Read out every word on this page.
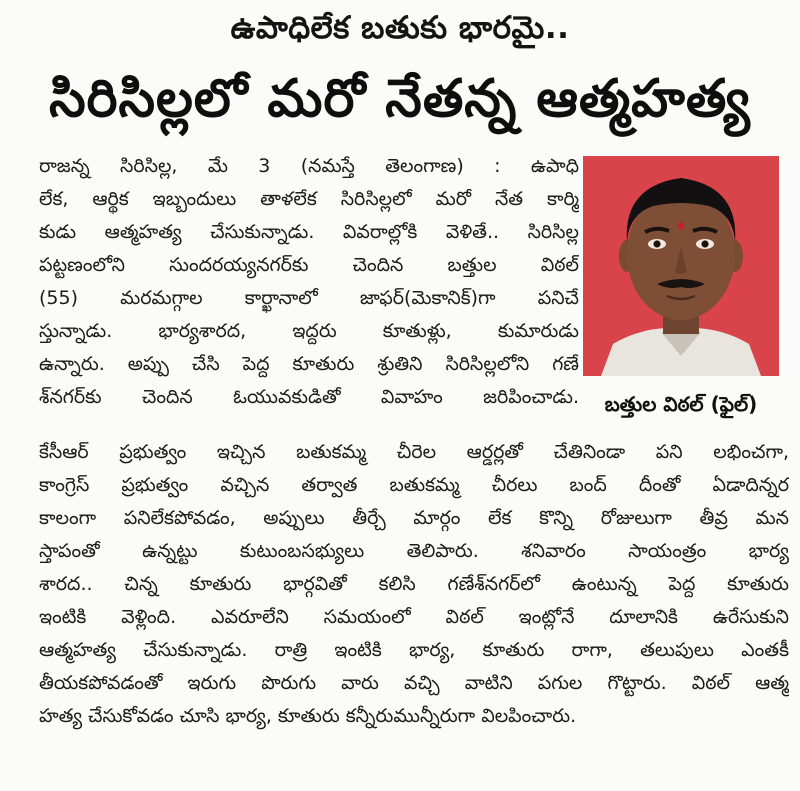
ఉపాధిలేక బతుకు భారమై..
సిరిసిల్లలో మరో నేతన్న ఆత్మహత్య
రాజన్న సిరిసిల్ల, మే 3 (నమస్తే తెలంగాణ) : ఉపాధి
లేక, ఆర్థిక ఇబ్బందులు తాళలేక సిరిసిల్లలో మరో నేత కార్మి
కుడు ఆత్మహత్య చేసుకున్నాడు. వివరాల్లోకి వెళితే.. సిరిసిల్ల
పట్టణంలోని సుందరయ్యనగర్‌కు చెందిన బత్తుల విఠల్
(55) మరమగ్గాల కార్ఖానాలో జాఫర్(మెకానిక్)గా పనిచే
స్తున్నాడు. భార్యశారద, ఇద్దరు కూతుళ్లు, కుమారుడు
ఉన్నారు. అప్పు చేసి పెద్ద కూతురు శ్రుతిని సిరిసిల్లలోని గణే
శ్‌నగర్‌కు చెందిన ఓయువకుడితో వివాహం జరిపించాడు.	బత్తుల విఠల్ (ఫైల్)
కేసీఆర్ ప్రభుత్వం ఇచ్చిన బతుకమ్మ చీరెల ఆర్డర్లతో చేతినిండా పని లభించగా,
కాంగ్రెస్ ప్రభుత్వం వచ్చిన తర్వాత బతుకమ్మ చీరలు బంద్ దీంతో ఏడాదిన్నర
కాలంగా పనిలేకపోవడం, అప్పులు తీర్చే మార్గం లేక కొన్ని రోజులుగా తీవ్ర మన
స్తాపంతో ఉన్నట్టు కుటుంబసభ్యులు తెలిపారు. శనివారం సాయంత్రం భార్య
శారద.. చిన్న కూతురు భార్గవితో కలిసి గణేశ్‌నగర్‌లో ఉంటున్న పెద్ద కూతురు
ఇంటికి వెళ్లింది. ఎవరూలేని సమయంలో విఠల్ ఇంట్లోనే దూలానికి ఉరేసుకుని
ఆత్మహత్య చేసుకున్నాడు. రాత్రి ఇంటికి భార్య, కూతురు రాగా, తలుపులు ఎంతకీ
తీయకపోవడంతో ఇరుగు పొరుగు వారు వచ్చి వాటిని పగుల గొట్టారు. విఠల్ ఆత్మ
హత్య చేసుకోవడం చూసి భార్య, కూతురు కన్నీరుమున్నీరుగా విలపించారు.
